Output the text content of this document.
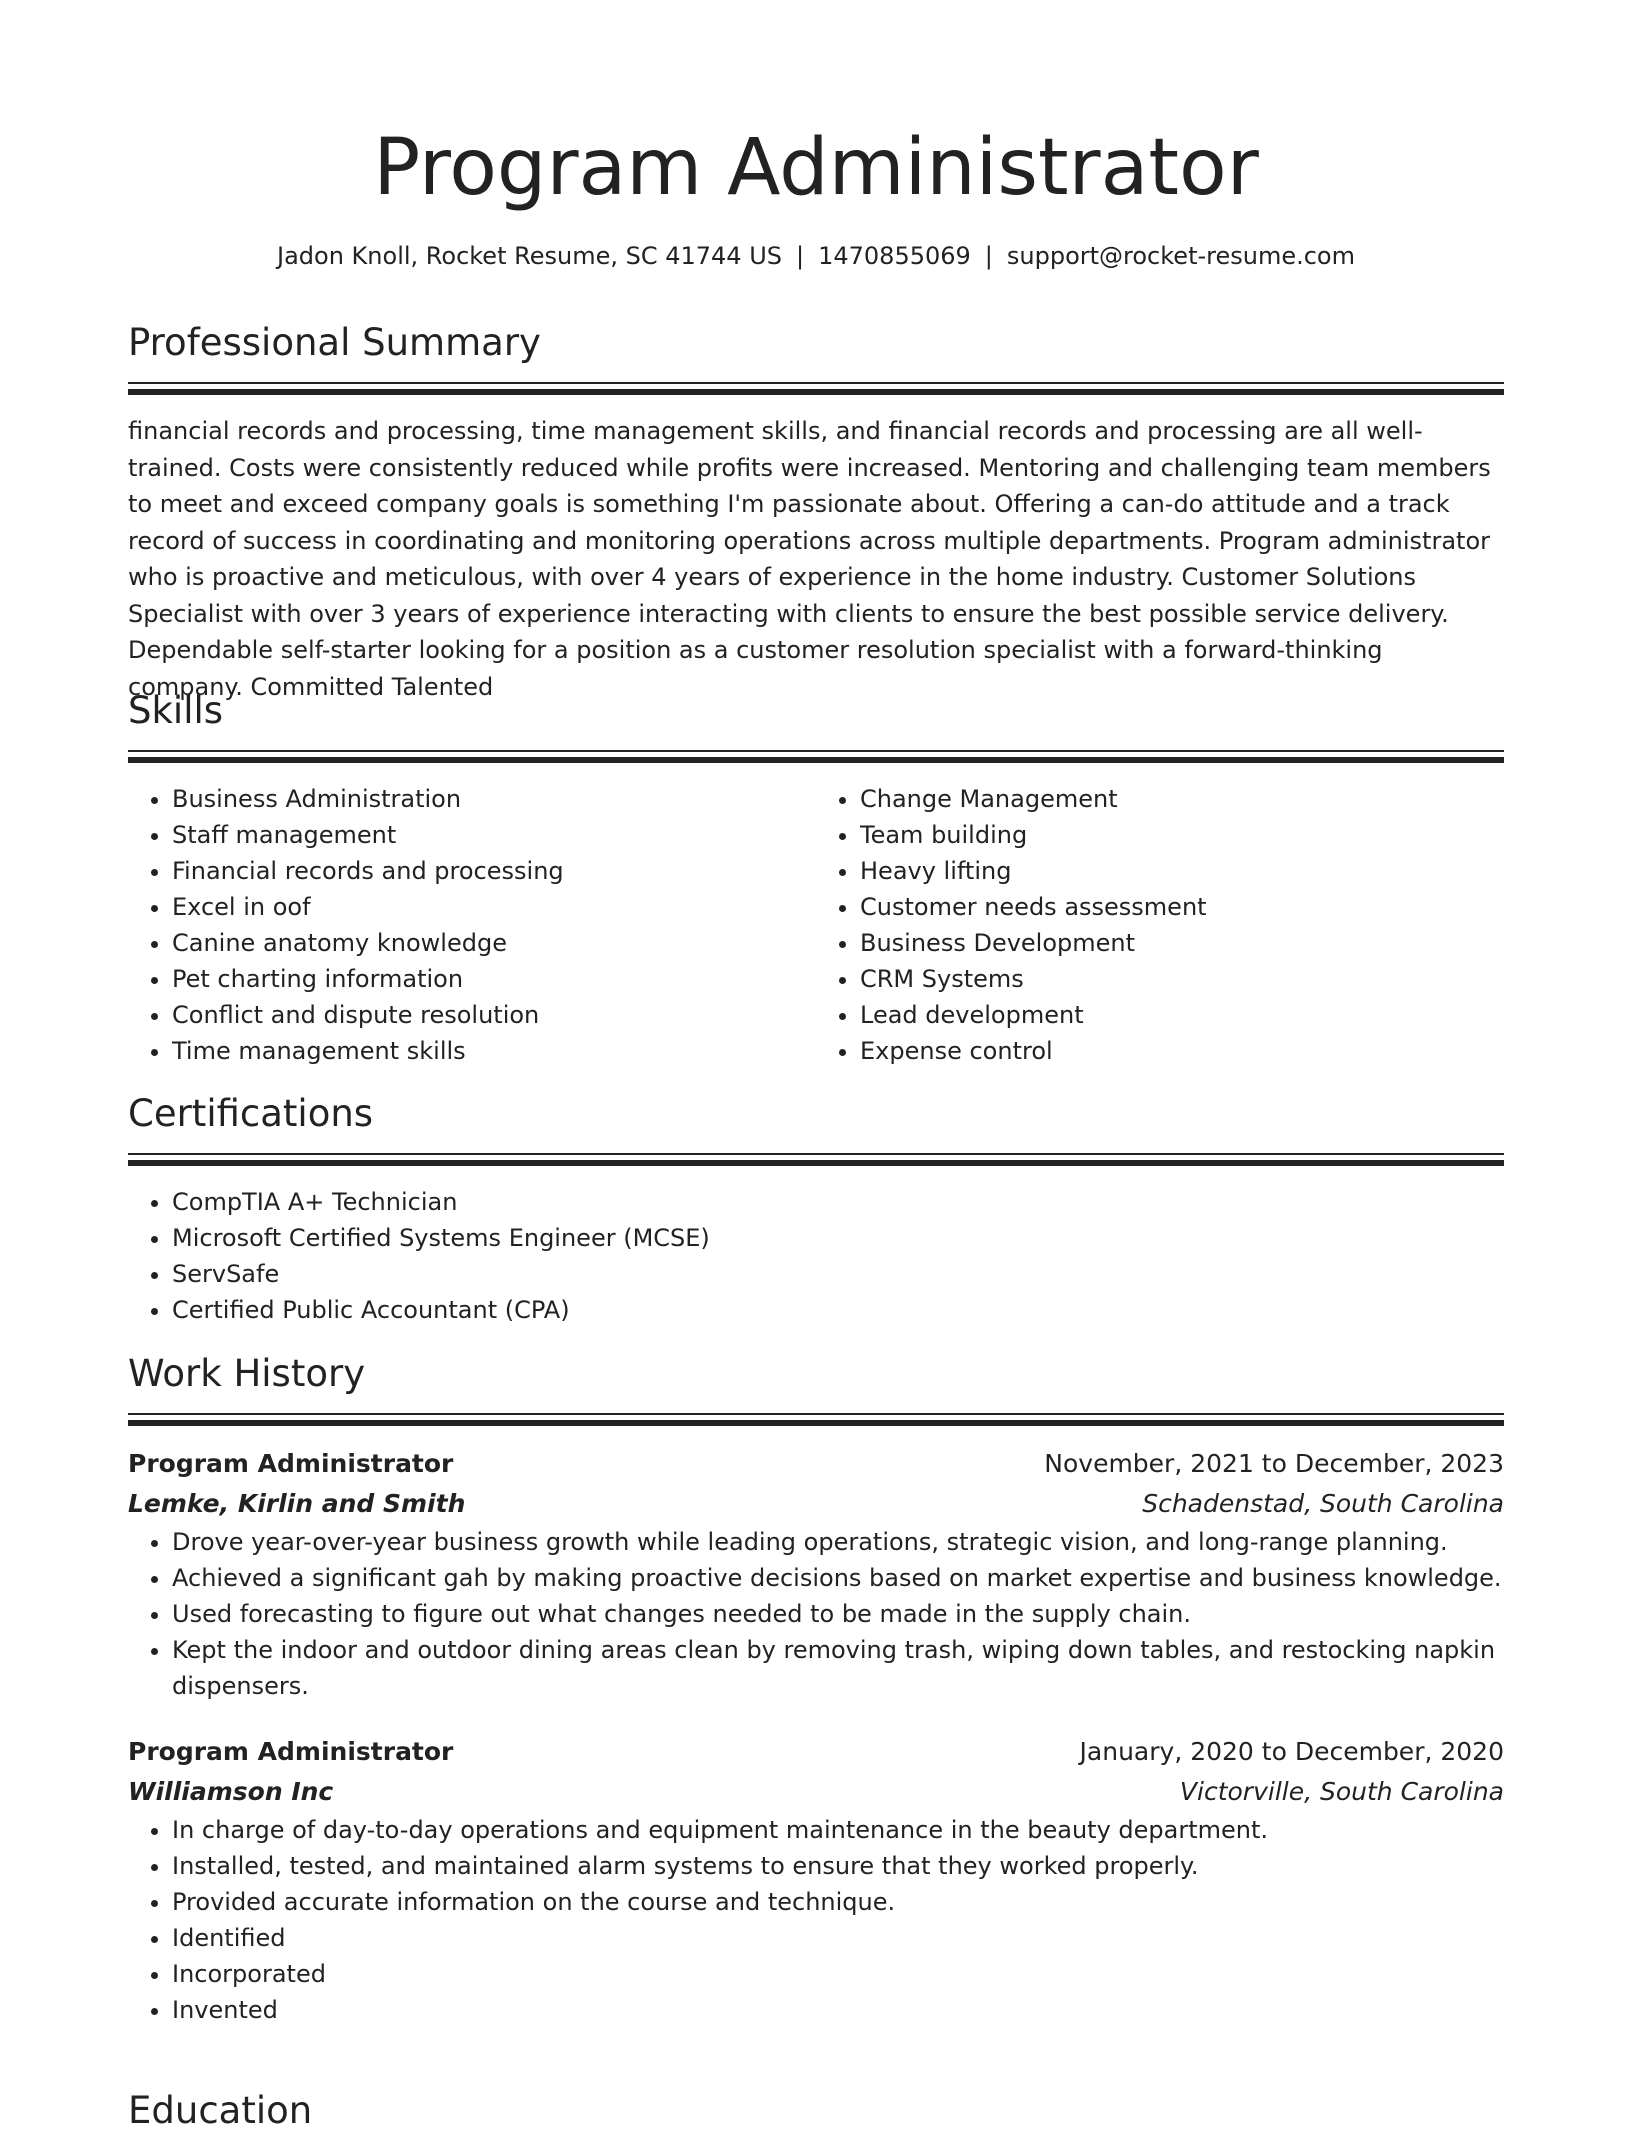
Program Administrator
Jadon Knoll, Rocket Resume, SC 41744 US | 1470855069 | support@rocket-resume.com
Professional Summary

financial records and processing, time management skills, and financial records and processing are all well-trained. Costs were consistently reduced while profits were increased. Mentoring and challenging team members to meet and exceed company goals is something I'm passionate about. Offering a can-do attitude and a track record of success in coordinating and monitoring operations across multiple departments. Program administrator who is proactive and meticulous, with over 4 years of experience in the home industry. Customer Solutions Specialist with over 3 years of experience interacting with clients to ensure the best possible service delivery. Dependable self-starter looking for a position as a customer resolution specialist with a forward-thinking company. Committed Talented

Skills
• Business Administration
• Staff management
• Financial records and processing
• Excel in oof
• Canine anatomy knowledge
• Pet charting information
• Conflict and dispute resolution
• Time management skills
• Change Management
• Team building
• Heavy lifting
• Customer needs assessment
• Business Development
• CRM Systems
• Lead development
• Expense control
Certifications
• CompTIA A+ Technician
• Microsoft Certified Systems Engineer (MCSE)
• ServSafe
• Certified Public Accountant (CPA)
Work History
Program Administrator	November, 2021 to December, 2023
Lemke, Kirlin and Smith	Schadenstad, South Carolina
• Drove year-over-year business growth while leading operations, strategic vision, and long-range planning.
• Achieved a significant gah by making proactive decisions based on market expertise and business knowledge.
• Used forecasting to figure out what changes needed to be made in the supply chain.
• Kept the indoor and outdoor dining areas clean by removing trash, wiping down tables, and restocking napkin dispensers.
Program Administrator	January, 2020 to December, 2020
Williamson Inc	Victorville, South Carolina
• In charge of day-to-day operations and equipment maintenance in the beauty department.
• Installed, tested, and maintained alarm systems to ensure that they worked properly.
• Provided accurate information on the course and technique.
• Identified
• Incorporated
• Invented
Education
